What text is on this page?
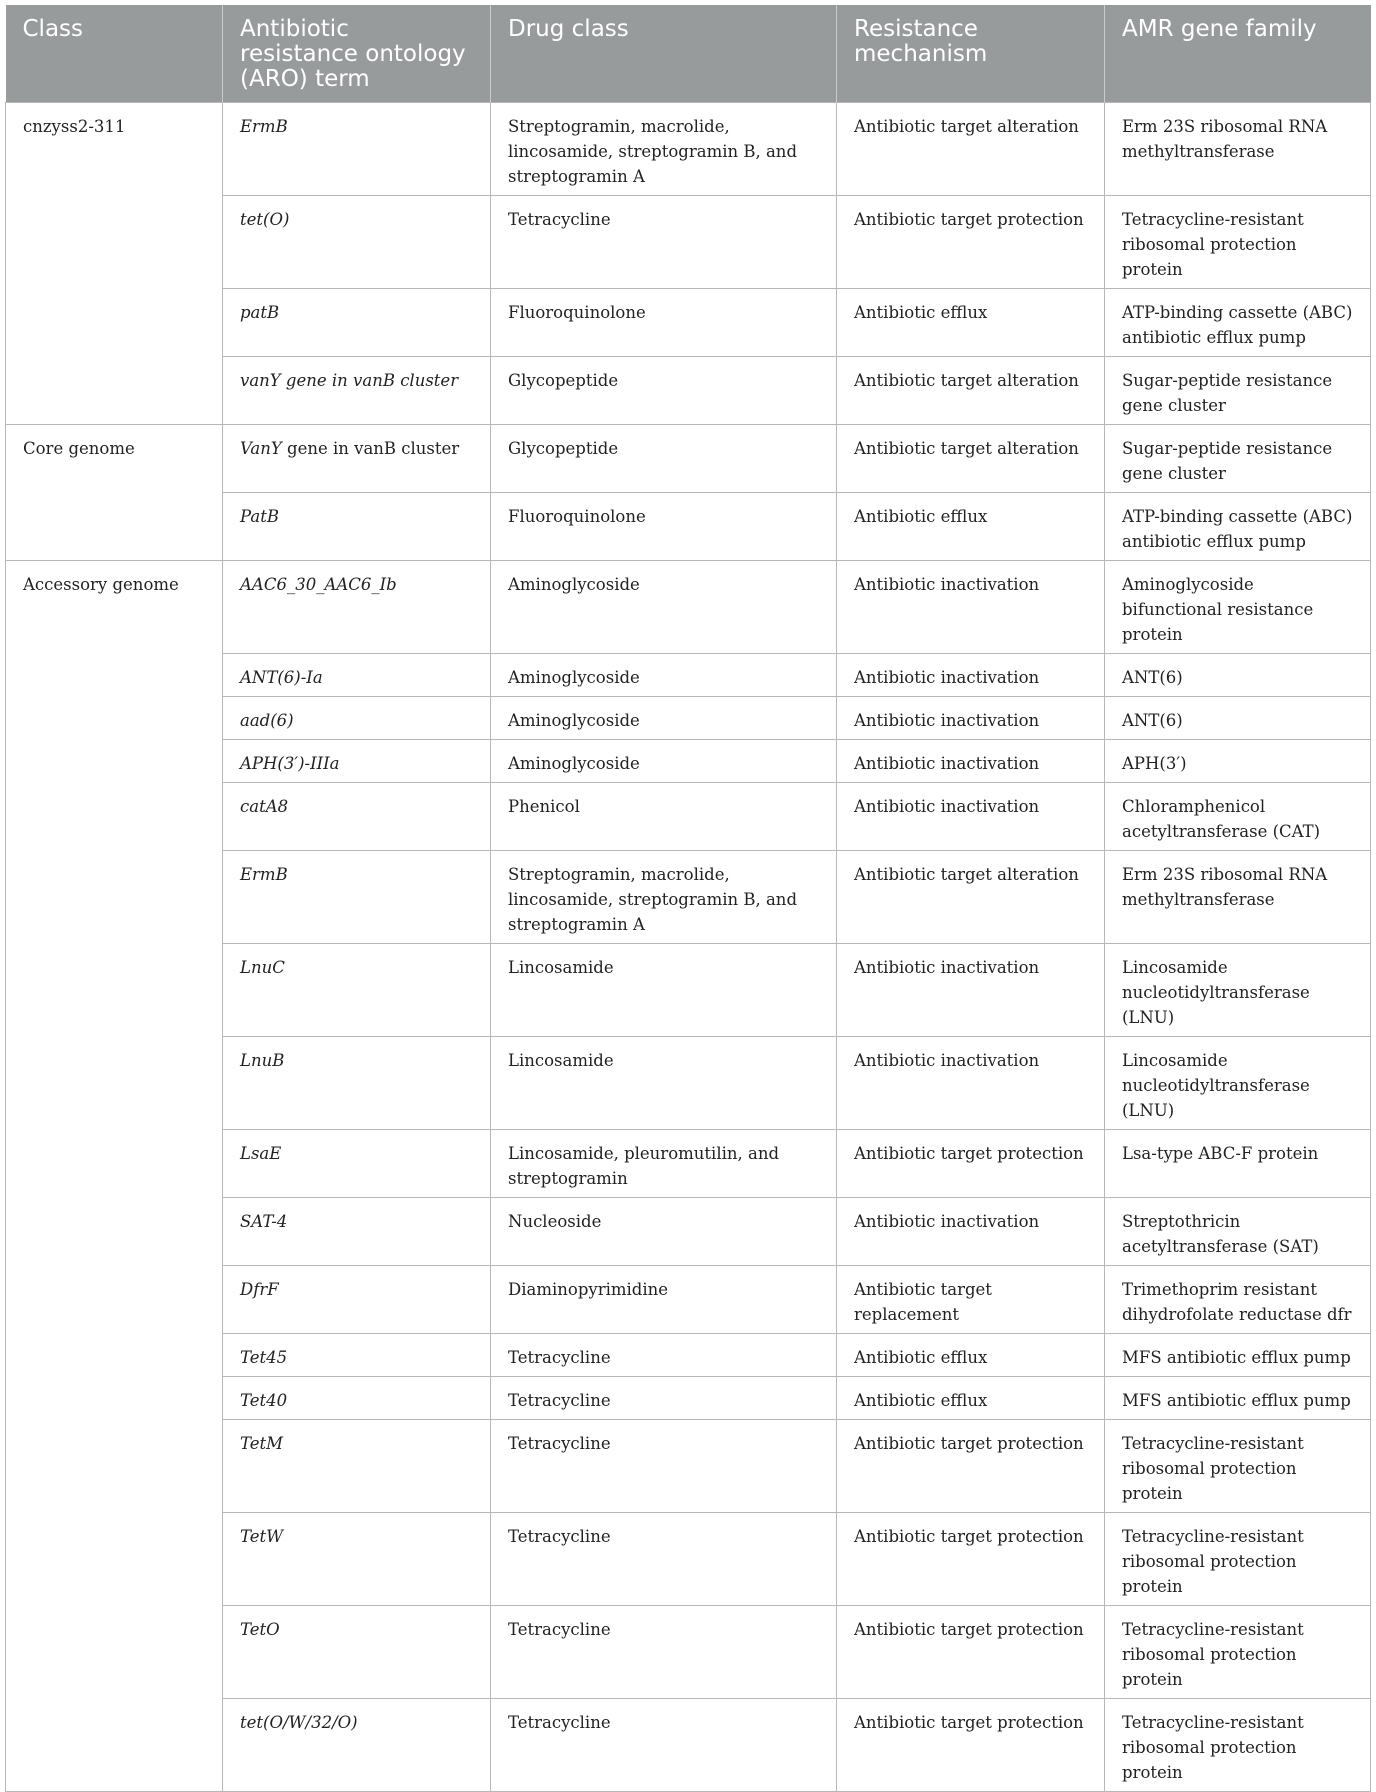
Class	Antibiotic resistance ontology (ARO) term	Drug class	Resistance mechanism	AMR gene family
cnzyss2-311	ErmB	Streptogramin, macrolide, lincosamide, streptogramin B, and streptogramin A	Antibiotic target alteration	Erm 23S ribosomal RNA methyltransferase
	tet(O)	Tetracycline	Antibiotic target protection	Tetracycline-resistant ribosomal protection protein
	patB	Fluoroquinolone	Antibiotic efflux	ATP-binding cassette (ABC) antibiotic efflux pump
	vanY gene in vanB cluster	Glycopeptide	Antibiotic target alteration	Sugar-peptide resistance gene cluster
Core genome	VanY gene in vanB cluster	Glycopeptide	Antibiotic target alteration	Sugar-peptide resistance gene cluster
	PatB	Fluoroquinolone	Antibiotic efflux	ATP-binding cassette (ABC) antibiotic efflux pump
Accessory genome	AAC6_30_AAC6_Ib	Aminoglycoside	Antibiotic inactivation	Aminoglycoside bifunctional resistance protein
	ANT(6)-Ia	Aminoglycoside	Antibiotic inactivation	ANT(6)
	aad(6)	Aminoglycoside	Antibiotic inactivation	ANT(6)
	APH(3′)-IIIa	Aminoglycoside	Antibiotic inactivation	APH(3′)
	catA8	Phenicol	Antibiotic inactivation	Chloramphenicol acetyltransferase (CAT)
	ErmB	Streptogramin, macrolide, lincosamide, streptogramin B, and streptogramin A	Antibiotic target alteration	Erm 23S ribosomal RNA methyltransferase
	LnuC	Lincosamide	Antibiotic inactivation	Lincosamide nucleotidyltransferase (LNU)
	LnuB	Lincosamide	Antibiotic inactivation	Lincosamide nucleotidyltransferase (LNU)
	LsaE	Lincosamide, pleuromutilin, and streptogramin	Antibiotic target protection	Lsa-type ABC-F protein
	SAT-4	Nucleoside	Antibiotic inactivation	Streptothricin acetyltransferase (SAT)
	DfrF	Diaminopyrimidine	Antibiotic target replacement	Trimethoprim resistant dihydrofolate reductase dfr
	Tet45	Tetracycline	Antibiotic efflux	MFS antibiotic efflux pump
	Tet40	Tetracycline	Antibiotic efflux	MFS antibiotic efflux pump
	TetM	Tetracycline	Antibiotic target protection	Tetracycline-resistant ribosomal protection protein
	TetW	Tetracycline	Antibiotic target protection	Tetracycline-resistant ribosomal protection protein
	TetO	Tetracycline	Antibiotic target protection	Tetracycline-resistant ribosomal protection protein
	tet(O/W/32/O)	Tetracycline	Antibiotic target protection	Tetracycline-resistant ribosomal protection protein
